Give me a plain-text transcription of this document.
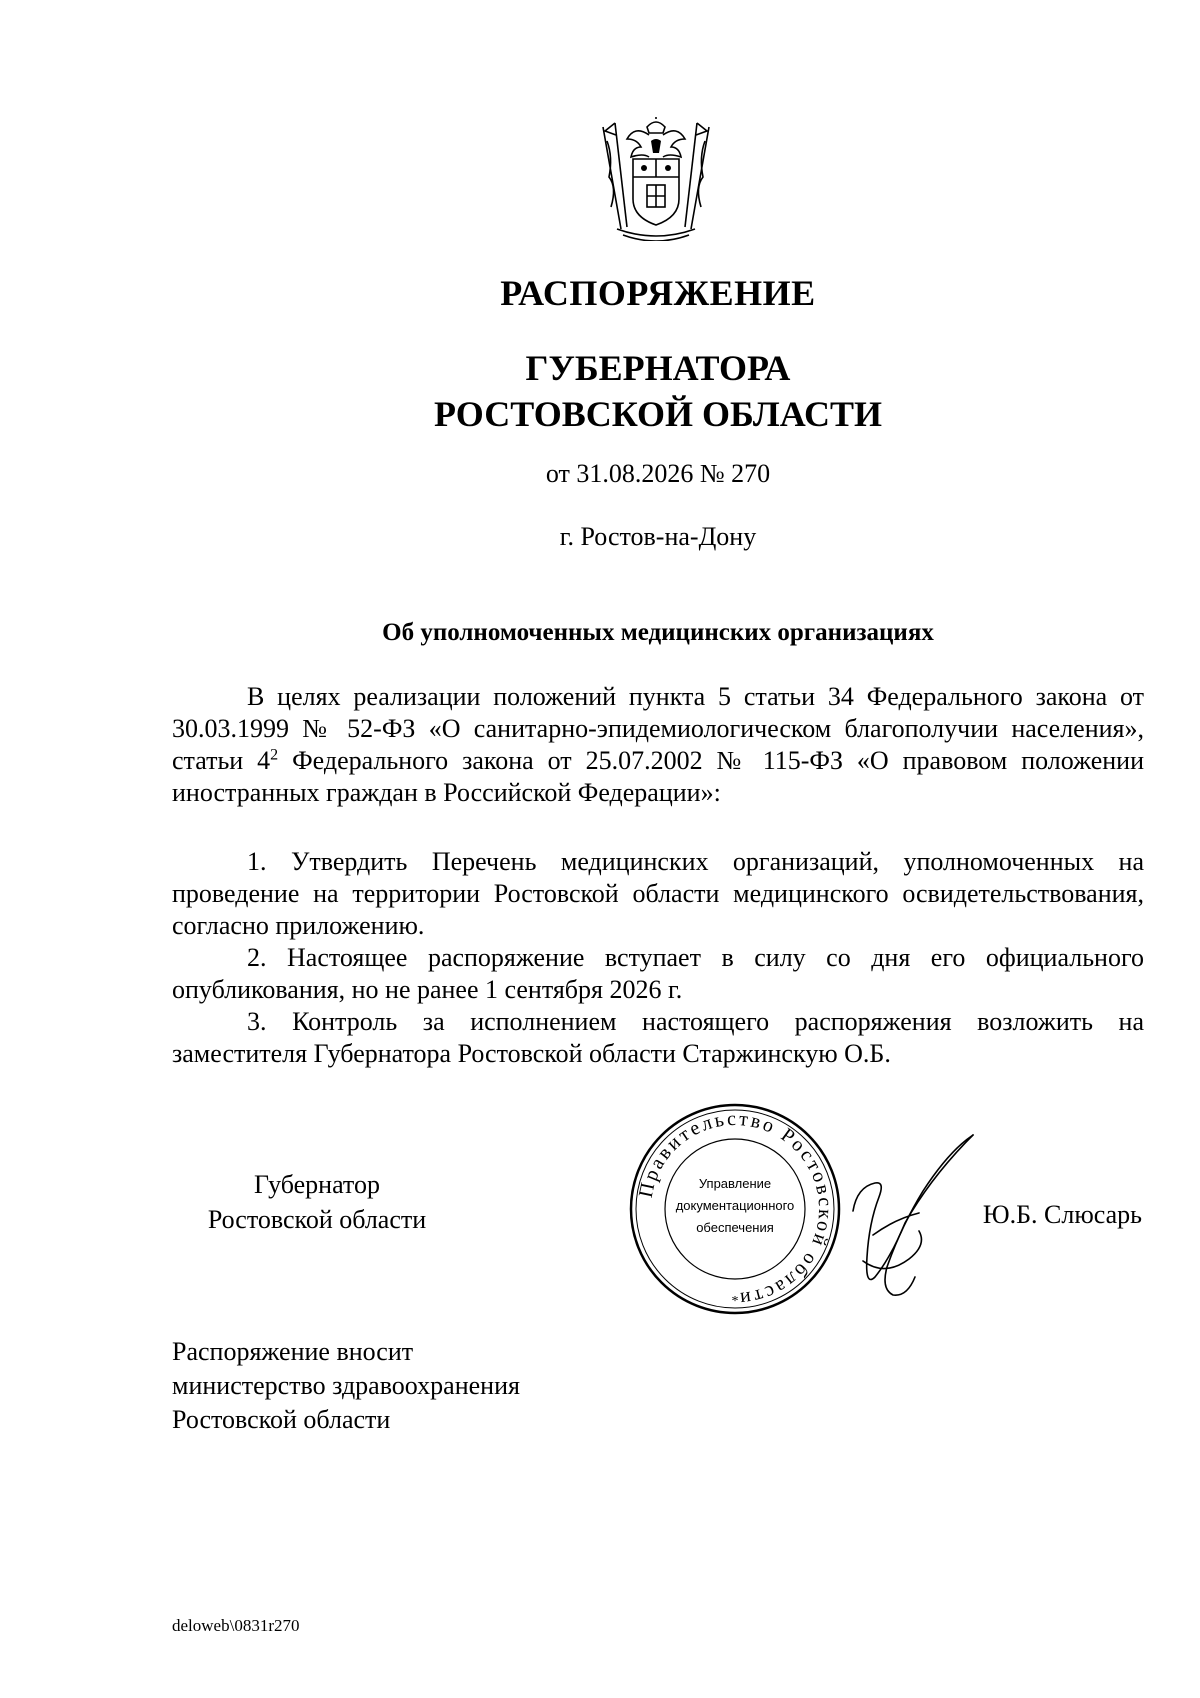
РАСПОРЯЖЕНИЕ
ГУБЕРНАТОРА
РОСТОВСКОЙ ОБЛАСТИ
от 31.08.2026 № 270
г. Ростов-на-Дону
Об уполномоченных медицинских организациях
В целях реализации положений пункта 5 статьи 34 Федерального закона от 30.03.1999 № 52-ФЗ «О санитарно-эпидемиологическом благополучии населения», статьи $4^2$ Федерального закона от 25.07.2002 № 115-ФЗ «О правовом положении иностранных граждан в Российской Федерации»:

1. Утвердить Перечень медицинских организаций, уполномоченных на проведение на территории Ростовской области медицинского освидетельствования, согласно приложению.

2. Настоящее распоряжение вступает в силу со дня его официального опубликования, но не ранее 1 сентября 2026 г.

3. Контроль за исполнением настоящего распоряжения возложить на заместителя Губернатора Ростовской области Старжинскую О.Б.

Губернатор
Ростовской области
Правительство Ростовской области
Управление
документационного
обеспечения
*
Ю.Б. Слюсарь
Распоряжение вносит
министерство здравоохранения
Ростовской области
deloweb\0831r270
